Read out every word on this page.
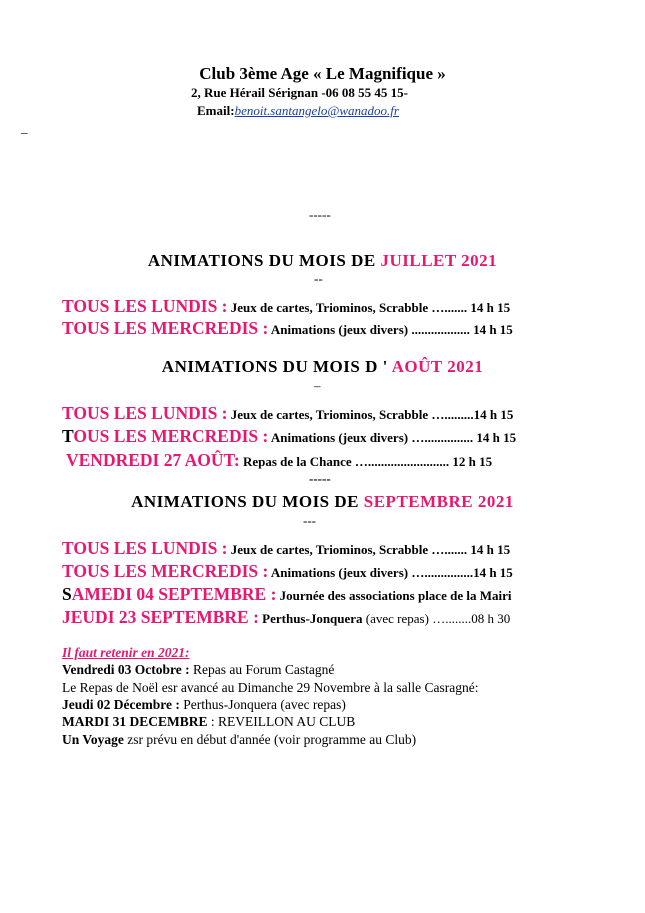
Club 3ème Age « Le Magnifique »
2, Rue Hérail Sérignan -06 08 55 45 15-
Email:benoit.santangelo@wanadoo.fr
_
-----
ANIMATIONS DU MOIS DE JUILLET 2021
--
TOUS LES LUNDIS : Jeux de cartes, Triominos, Scrabble …....... 14 h 15
TOUS LES MERCREDIS : Animations (jeux divers) .................. 14 h 15
ANIMATIONS DU MOIS D ' AOÛT 2021
–
TOUS LES LUNDIS : Jeux de cartes, Triominos, Scrabble ….........14 h 15
TOUS LES MERCREDIS : Animations (jeux divers) …............... 14 h 15
VENDREDI 27 AOÛT: Repas de la Chance …......................... 12 h 15
-----
ANIMATIONS DU MOIS DE SEPTEMBRE 2021
---
TOUS LES LUNDIS : Jeux de cartes, Triominos, Scrabble …....... 14 h 15
TOUS LES MERCREDIS : Animations (jeux divers) …...............14 h 15
SAMEDI 04 SEPTEMBRE : Journée des associations place de la Mairi
JEUDI 23 SEPTEMBRE : Perthus-Jonquera (avec repas) …........08 h 30
Il faut retenir en 2021:
Vendredi 03 Octobre : Repas au Forum Castagné
Le Repas de Noël esr avancé au Dimanche 29 Novembre à la salle Casragné:
Jeudi 02 Décembre : Perthus-Jonquera (avec repas)
MARDI 31 DECEMBRE : REVEILLON AU CLUB
Un Voyage zsr prévu en début d'année (voir programme au Club)
